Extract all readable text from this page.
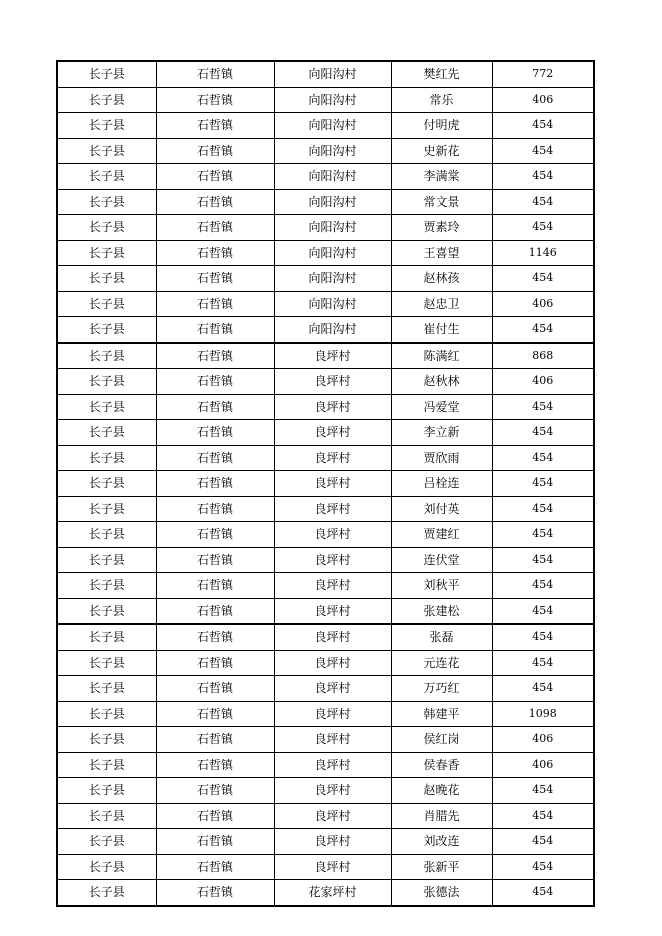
长子县	石哲镇	向阳沟村	樊红先	772
长子县	石哲镇	向阳沟村	常乐	406
长子县	石哲镇	向阳沟村	付明虎	454
长子县	石哲镇	向阳沟村	史新花	454
长子县	石哲镇	向阳沟村	李满棠	454
长子县	石哲镇	向阳沟村	常文景	454
长子县	石哲镇	向阳沟村	贾素玲	454
长子县	石哲镇	向阳沟村	王喜望	1146
长子县	石哲镇	向阳沟村	赵林孩	454
长子县	石哲镇	向阳沟村	赵忠卫	406
长子县	石哲镇	向阳沟村	崔付生	454
长子县	石哲镇	良坪村	陈满红	868
长子县	石哲镇	良坪村	赵秋林	406
长子县	石哲镇	良坪村	冯爱堂	454
长子县	石哲镇	良坪村	李立新	454
长子县	石哲镇	良坪村	贾欣雨	454
长子县	石哲镇	良坪村	吕栓连	454
长子县	石哲镇	良坪村	刘付英	454
长子县	石哲镇	良坪村	贾建红	454
长子县	石哲镇	良坪村	连伏堂	454
长子县	石哲镇	良坪村	刘秋平	454
长子县	石哲镇	良坪村	张建松	454
长子县	石哲镇	良坪村	张磊	454
长子县	石哲镇	良坪村	元连花	454
长子县	石哲镇	良坪村	万巧红	454
长子县	石哲镇	良坪村	韩建平	1098
长子县	石哲镇	良坪村	侯红岗	406
长子县	石哲镇	良坪村	侯春香	406
长子县	石哲镇	良坪村	赵晚花	454
长子县	石哲镇	良坪村	肖腊先	454
长子县	石哲镇	良坪村	刘改连	454
长子县	石哲镇	良坪村	张新平	454
长子县	石哲镇	花家坪村	张德法	454
